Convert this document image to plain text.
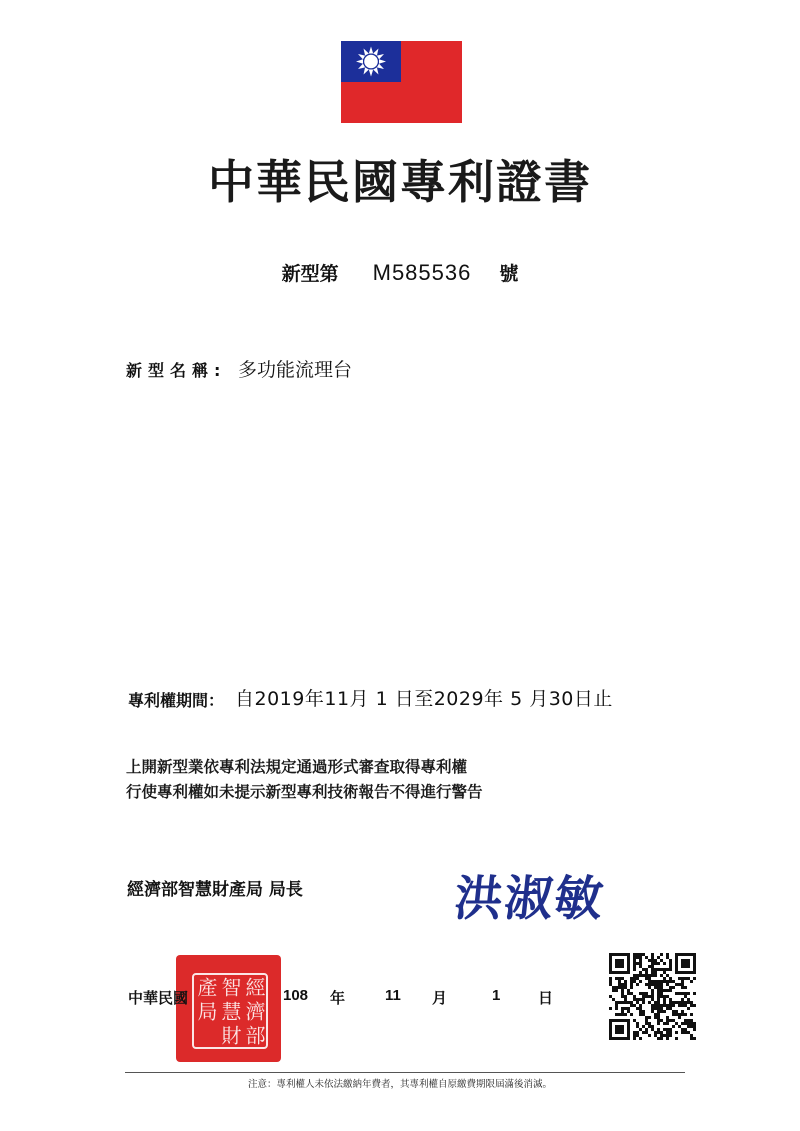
中華民國專利證書
新型第 M585536 號
新型名稱: 多功能流理台
專利權期間： 自2019年11月 1 日至2029年 5 月30日止
上開新型業依專利法規定通過形式審查取得專利權
行使專利權如未提示新型專利技術報告不得進行警告
經濟部智慧財產局 局長	洪淑敏
經
濟
部
智
慧
財
產
局
中華民國	108 年	11 月	1	日
注意：專利權人未依法繳納年費者，其專利權自原繳費期限屆滿後消滅。
